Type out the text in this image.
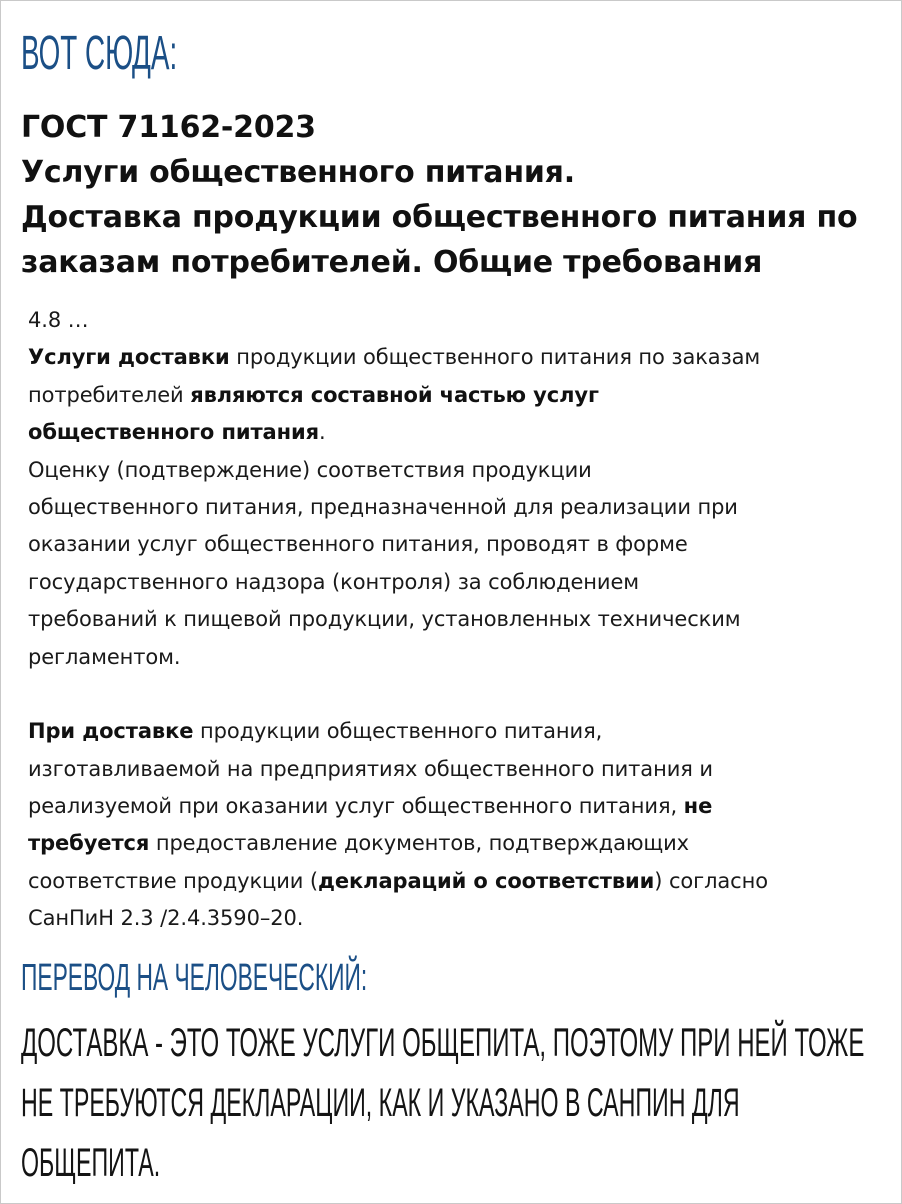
ВОТ СЮДА:
ГОСТ 71162-2023
Услуги общественного питания.
Доставка продукции общественного питания по
заказам потребителей. Общие требования
4.8 …
Услуги доставки продукции общественного питания по заказам
потребителей являются составной частью услуг
общественного питания.
Оценку (подтверждение) соответствия продукции
общественного питания, предназначенной для реализации при
оказании услуг общественного питания, проводят в форме
государственного надзора (контроля) за соблюдением
требований к пищевой продукции, установленных техническим
регламентом.
При доставке продукции общественного питания,
изготавливаемой на предприятиях общественного питания и
реализуемой при оказании услуг общественного питания, не
требуется предоставление документов, подтверждающих
соответствие продукции (деклараций о соответствии) согласно
СанПиН 2.3 /2.4.3590–20.
ПЕРЕВОД НА ЧЕЛОВЕЧЕСКИЙ:
ДОСТАВКА - ЭТО ТОЖЕ УСЛУГИ ОБЩЕПИТА, ПОЭТОМУ ПРИ НЕЙ ТОЖЕ
НЕ ТРЕБУЮТСЯ ДЕКЛАРАЦИИ, КАК И УКАЗАНО В САНПИН ДЛЯ
ОБЩЕПИТА.
